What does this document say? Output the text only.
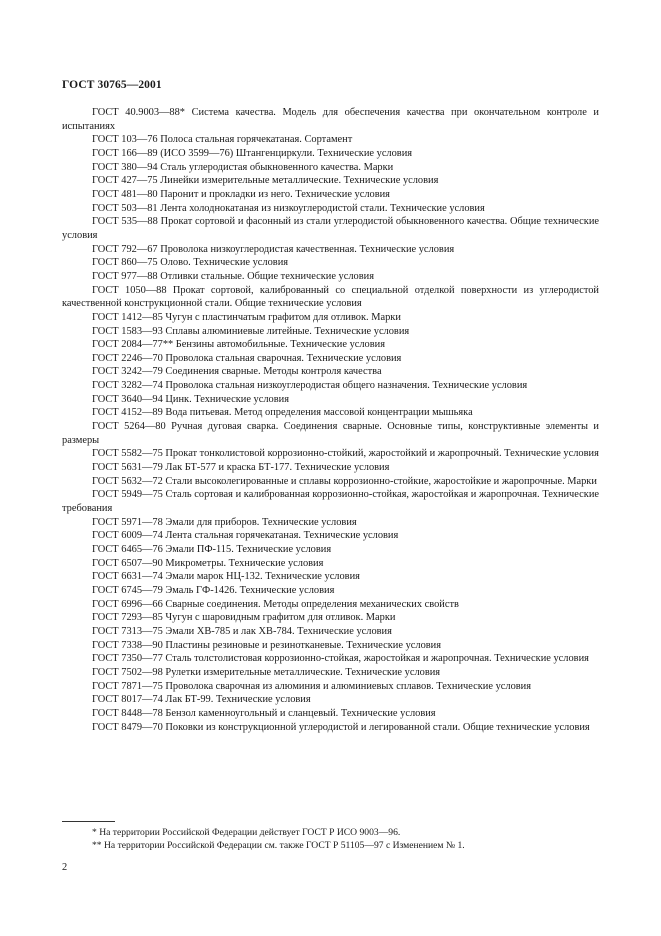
ГОСТ 30765—2001

ГОСТ 40.9003—88* Система качества. Модель для обеспечения качества при окончательном контроле и испытаниях

ГОСТ 103—76 Полоса стальная горячекатаная. Сортамент

ГОСТ 166—89 (ИСО 3599—76) Штангенциркули. Технические условия

ГОСТ 380—94 Сталь углеродистая обыкновенного качества. Марки

ГОСТ 427—75 Линейки измерительные металлические. Технические условия

ГОСТ 481—80 Паронит и прокладки из него. Технические условия

ГОСТ 503—81 Лента холоднокатаная из низкоуглеродистой стали. Технические условия

ГОСТ 535—88 Прокат сортовой и фасонный из стали углеродистой обыкновенного качества. Общие технические условия

ГОСТ 792—67 Проволока низкоуглеродистая качественная. Технические условия

ГОСТ 860—75 Олово. Технические условия

ГОСТ 977—88 Отливки стальные. Общие технические условия

ГОСТ 1050—88 Прокат сортовой, калиброванный со специальной отделкой поверхности из углеродистой качественной конструкционной стали. Общие технические условия

ГОСТ 1412—85 Чугун с пластинчатым графитом для отливок. Марки

ГОСТ 1583—93 Сплавы алюминиевые литейные. Технические условия

ГОСТ 2084—77** Бензины автомобильные. Технические условия

ГОСТ 2246—70 Проволока стальная сварочная. Технические условия

ГОСТ 3242—79 Соединения сварные. Методы контроля качества

ГОСТ 3282—74 Проволока стальная низкоуглеродистая общего назначения. Технические условия

ГОСТ 3640—94 Цинк. Технические условия

ГОСТ 4152—89 Вода питьевая. Метод определения массовой концентрации мышьяка

ГОСТ 5264—80 Ручная дуговая сварка. Соединения сварные. Основные типы, конструктивные элементы и размеры

ГОСТ 5582—75 Прокат тонколистовой коррозионно-стойкий, жаростойкий и жаропрочный. Технические условия

ГОСТ 5631—79 Лак БТ-577 и краска БТ-177. Технические условия

ГОСТ 5632—72 Стали высоколегированные и сплавы коррозионно-стойкие, жаростойкие и жаропрочные. Марки

ГОСТ 5949—75 Сталь сортовая и калиброванная коррозионно-стойкая, жаростойкая и жаропрочная. Технические требования

ГОСТ 5971—78 Эмали для приборов. Технические условия

ГОСТ 6009—74 Лента стальная горячекатаная. Технические условия

ГОСТ 6465—76 Эмали ПФ-115. Технические условия

ГОСТ 6507—90 Микрометры. Технические условия

ГОСТ 6631—74 Эмали марок НЦ-132. Технические условия

ГОСТ 6745—79 Эмаль ГФ-1426. Технические условия

ГОСТ 6996—66 Сварные соединения. Методы определения механических свойств

ГОСТ 7293—85 Чугун с шаровидным графитом для отливок. Марки

ГОСТ 7313—75 Эмали ХВ-785 и лак ХВ-784. Технические условия

ГОСТ 7338—90 Пластины резиновые и резинотканевые. Технические условия

ГОСТ 7350—77 Сталь толстолистовая коррозионно-стойкая, жаростойкая и жаропрочная. Технические условия

ГОСТ 7502—98 Рулетки измерительные металлические. Технические условия

ГОСТ 7871—75 Проволока сварочная из алюминия и алюминиевых сплавов. Технические условия

ГОСТ 8017—74 Лак БТ-99. Технические условия

ГОСТ 8448—78 Бензол каменноугольный и сланцевый. Технические условия

ГОСТ 8479—70 Поковки из конструкционной углеродистой и легированной стали. Общие технические условия

* На территории Российской Федерации действует ГОСТ Р ИСО 9003—96.

** На территории Российской Федерации см. также ГОСТ Р 51105—97 с Изменением № 1.

2
